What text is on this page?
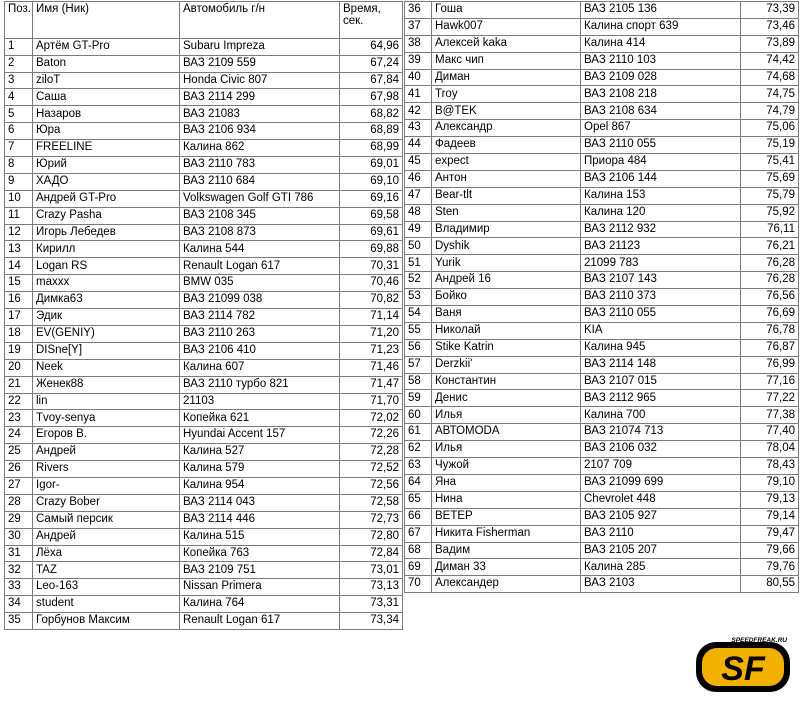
Поз.	Имя (Ник)	Автомобиль г/н	Время, сек.
1	Артём GT-Pro	Subaru Impreza	64,96
2	Baton	ВАЗ 2109 559	67,24
3	ziloT	Honda Civic 807	67,84
4	Саша	ВАЗ 2114 299	67,98
5	Назаров	ВАЗ 21083	68,82
6	Юра	ВАЗ 2106 934	68,89
7	FREELINE	Калина 862	68,99
8	Юрий	ВАЗ 2110 783	69,01
9	ХАДО	ВАЗ 2110 684	69,10
10	Андрей GT-Pro	Volkswagen Golf GTI 786	69,16
11	Crazy Pasha	ВАЗ 2108 345	69,58
12	Игорь Лебедев	ВАЗ 2108 873	69,61
13	Кирилл	Калина 544	69,88
14	Logan RS	Renault Logan 617	70,31
15	maxxx	BMW 035	70,46
16	Димка63	ВАЗ 21099 038	70,82
17	Эдик	ВАЗ 2114 782	71,14
18	EV(GENIY)	ВАЗ 2110 263	71,20
19	DISne[Y]	ВАЗ 2106 410	71,23
20	Neek	Калина 607	71,46
21	Женек88	ВАЗ 2110 турбо 821	71,47
22	lin	21103	71,70
23	Tvoy-senya	Копейка 621	72,02
24	Егоров В.	Hyundai Accent 157	72,26
25	Андрей	Калина 527	72,28
26	Rivers	Калина 579	72,52
27	Igor-	Калина 954	72,56
28	Crazy Bober	ВАЗ 2114 043	72,58
29	Самый персик	ВАЗ 2114 446	72,73
30	Андрей	Калина 515	72,80
31	Лёха	Копейка 763	72,84
32	TAZ	ВАЗ 2109 751	73,01
33	Leo-163	Nissan Primera	73,13
34	student	Калина 764	73,31
35	Горбунов Максим	Renault Logan 617	73,34
36	Гоша	ВАЗ 2105 136	73,39
37	Hawk007	Калина спорт 639	73,46
38	Алексей kaka	Калина 414	73,89
39	Макс чип	ВАЗ 2110 103	74,42
40	Диман	ВАЗ 2109 028	74,68
41	Troy	ВАЗ 2108 218	74,75
42	B@TEK	ВАЗ 2108 634	74,79
43	Александр	Opel 867	75,06
44	Фадеев	ВАЗ 2110 055	75,19
45	expect	Приора 484	75,41
46	Антон	ВАЗ 2106 144	75,69
47	Bear-tlt	Калина 153	75,79
48	Sten	Калина 120	75,92
49	Владимир	ВАЗ 2112 932	76,11
50	Dyshik	ВАЗ 21123	76,21
51	Yurik	21099 783	76,28
52	Андрей 16	ВАЗ 2107 143	76,28
53	Бойко	ВАЗ 2110 373	76,56
54	Ваня	ВАЗ 2110 055	76,69
55	Николай	KIA	76,78
56	Stike Katrin	Калина 945	76,87
57	Derzkii'	ВАЗ 2114 148	76,99
58	Константин	ВАЗ 2107 015	77,16
59	Денис	ВАЗ 2112 965	77,22
60	Илья	Калина 700	77,38
61	АВТОМОDA	ВАЗ 21074 713	77,40
62	Илья	ВАЗ 2106 032	78,04
63	Чужой	2107 709	78,43
64	Яна	ВАЗ 21099 699	79,10
65	Нина	Chevrolet 448	79,13
66	ВЕТЕР	ВАЗ 2105 927	79,14
67	Никита Fisherman	ВАЗ 2110	79,47
68	Вадим	ВАЗ 2105 207	79,66
69	Диман 33	Калина 285	79,76
70	Александер	ВАЗ 2103	80,55
SF
SPEEDFREAK.RU
